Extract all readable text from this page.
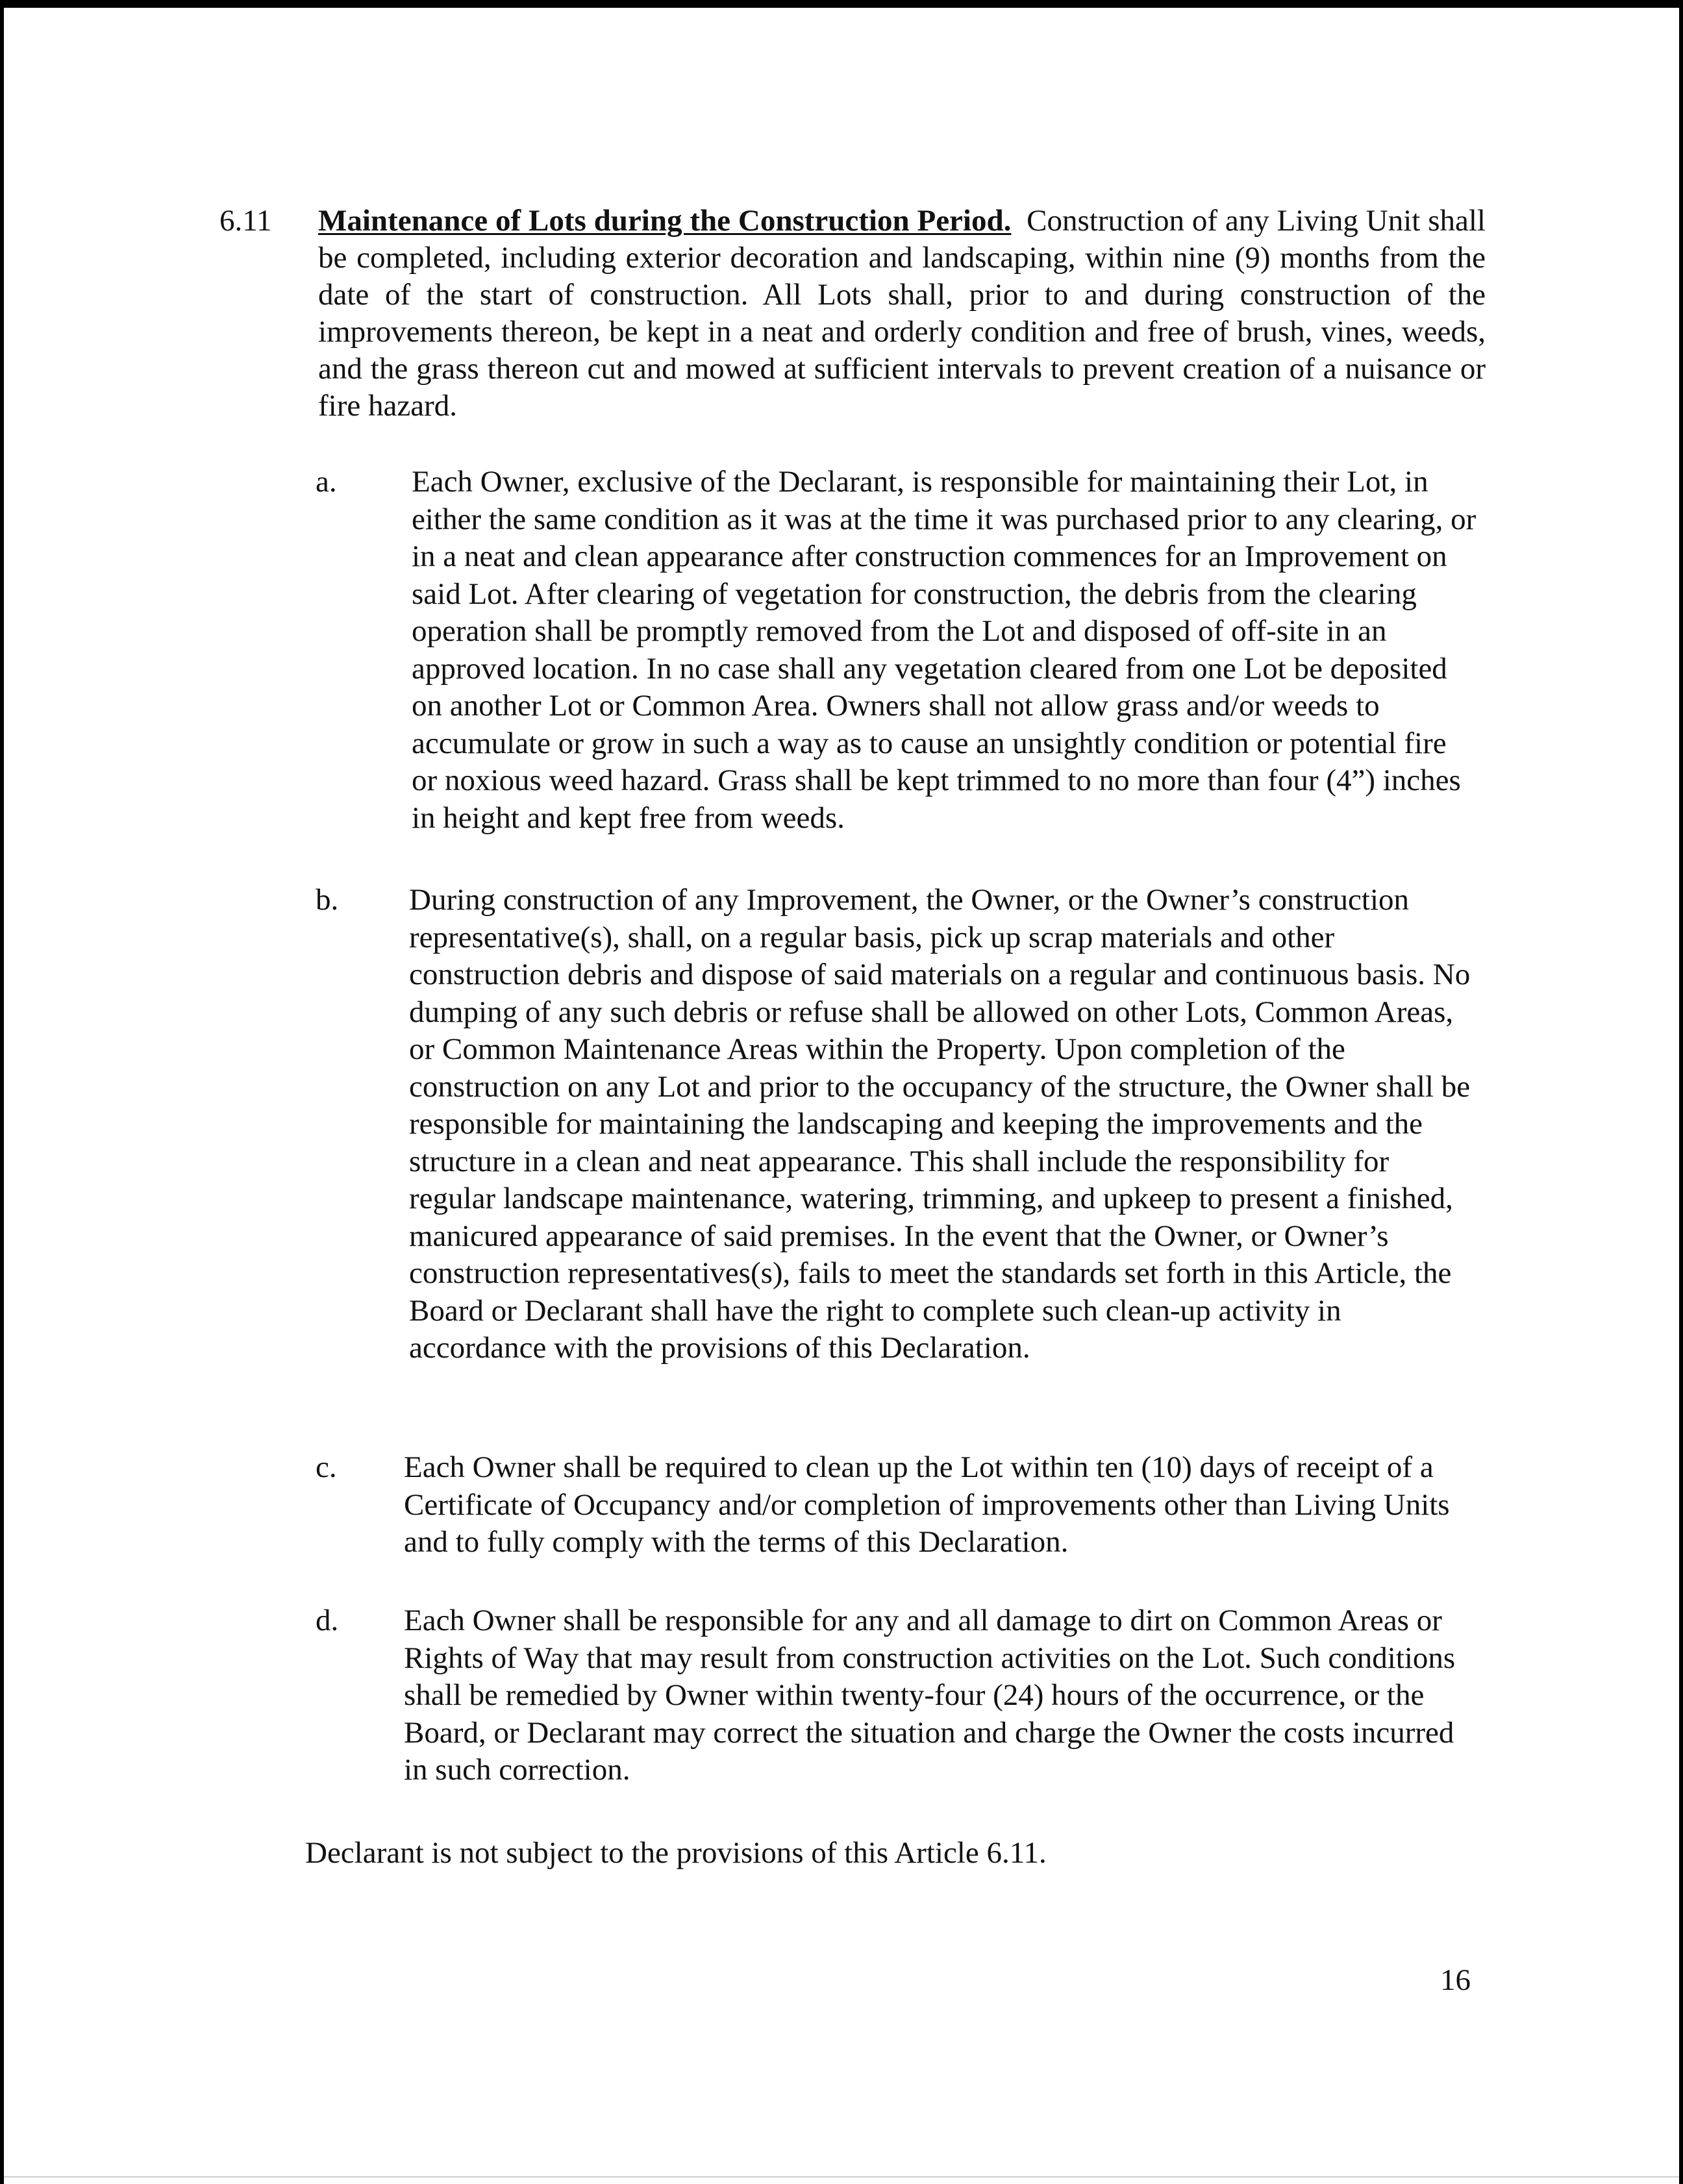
6.11 Maintenance of Lots during the Construction Period. Construction of any Living Unit shall be completed, including exterior decoration and landscaping, within nine (9) months from the date of the start of construction. All Lots shall, prior to and during construction of the improvements thereon, be kept in a neat and orderly condition and free of brush, vines, weeds, and the grass thereon cut and mowed at sufficient intervals to prevent creation of a nuisance or fire hazard.
a. Each Owner, exclusive of the Declarant, is responsible for maintaining their Lot, in either the same condition as it was at the time it was purchased prior to any clearing, or in a neat and clean appearance after construction commences for an Improvement on said Lot. After clearing of vegetation for construction, the debris from the clearing operation shall be promptly removed from the Lot and disposed of off-site in an approved location. In no case shall any vegetation cleared from one Lot be deposited on another Lot or Common Area. Owners shall not allow grass and/or weeds to accumulate or grow in such a way as to cause an unsightly condition or potential fire or noxious weed hazard. Grass shall be kept trimmed to no more than four (4”) inches in height and kept free from weeds.
b. During construction of any Improvement, the Owner, or the Owner’s construction representative(s), shall, on a regular basis, pick up scrap materials and other construction debris and dispose of said materials on a regular and continuous basis. No dumping of any such debris or refuse shall be allowed on other Lots, Common Areas, or Common Maintenance Areas within the Property. Upon completion of the construction on any Lot and prior to the occupancy of the structure, the Owner shall be responsible for maintaining the landscaping and keeping the improvements and the structure in a clean and neat appearance. This shall include the responsibility for regular landscape maintenance, watering, trimming, and upkeep to present a finished, manicured appearance of said premises. In the event that the Owner, or Owner’s construction representatives(s), fails to meet the standards set forth in this Article, the Board or Declarant shall have the right to complete such clean-up activity in accordance with the provisions of this Declaration.
c. Each Owner shall be required to clean up the Lot within ten (10) days of receipt of a Certificate of Occupancy and/or completion of improvements other than Living Units and to fully comply with the terms of this Declaration.
d. Each Owner shall be responsible for any and all damage to dirt on Common Areas or Rights of Way that may result from construction activities on the Lot. Such conditions shall be remedied by Owner within twenty-four (24) hours of the occurrence, or the Board, or Declarant may correct the situation and charge the Owner the costs incurred in such correction.
Declarant is not subject to the provisions of this Article 6.11.
16
